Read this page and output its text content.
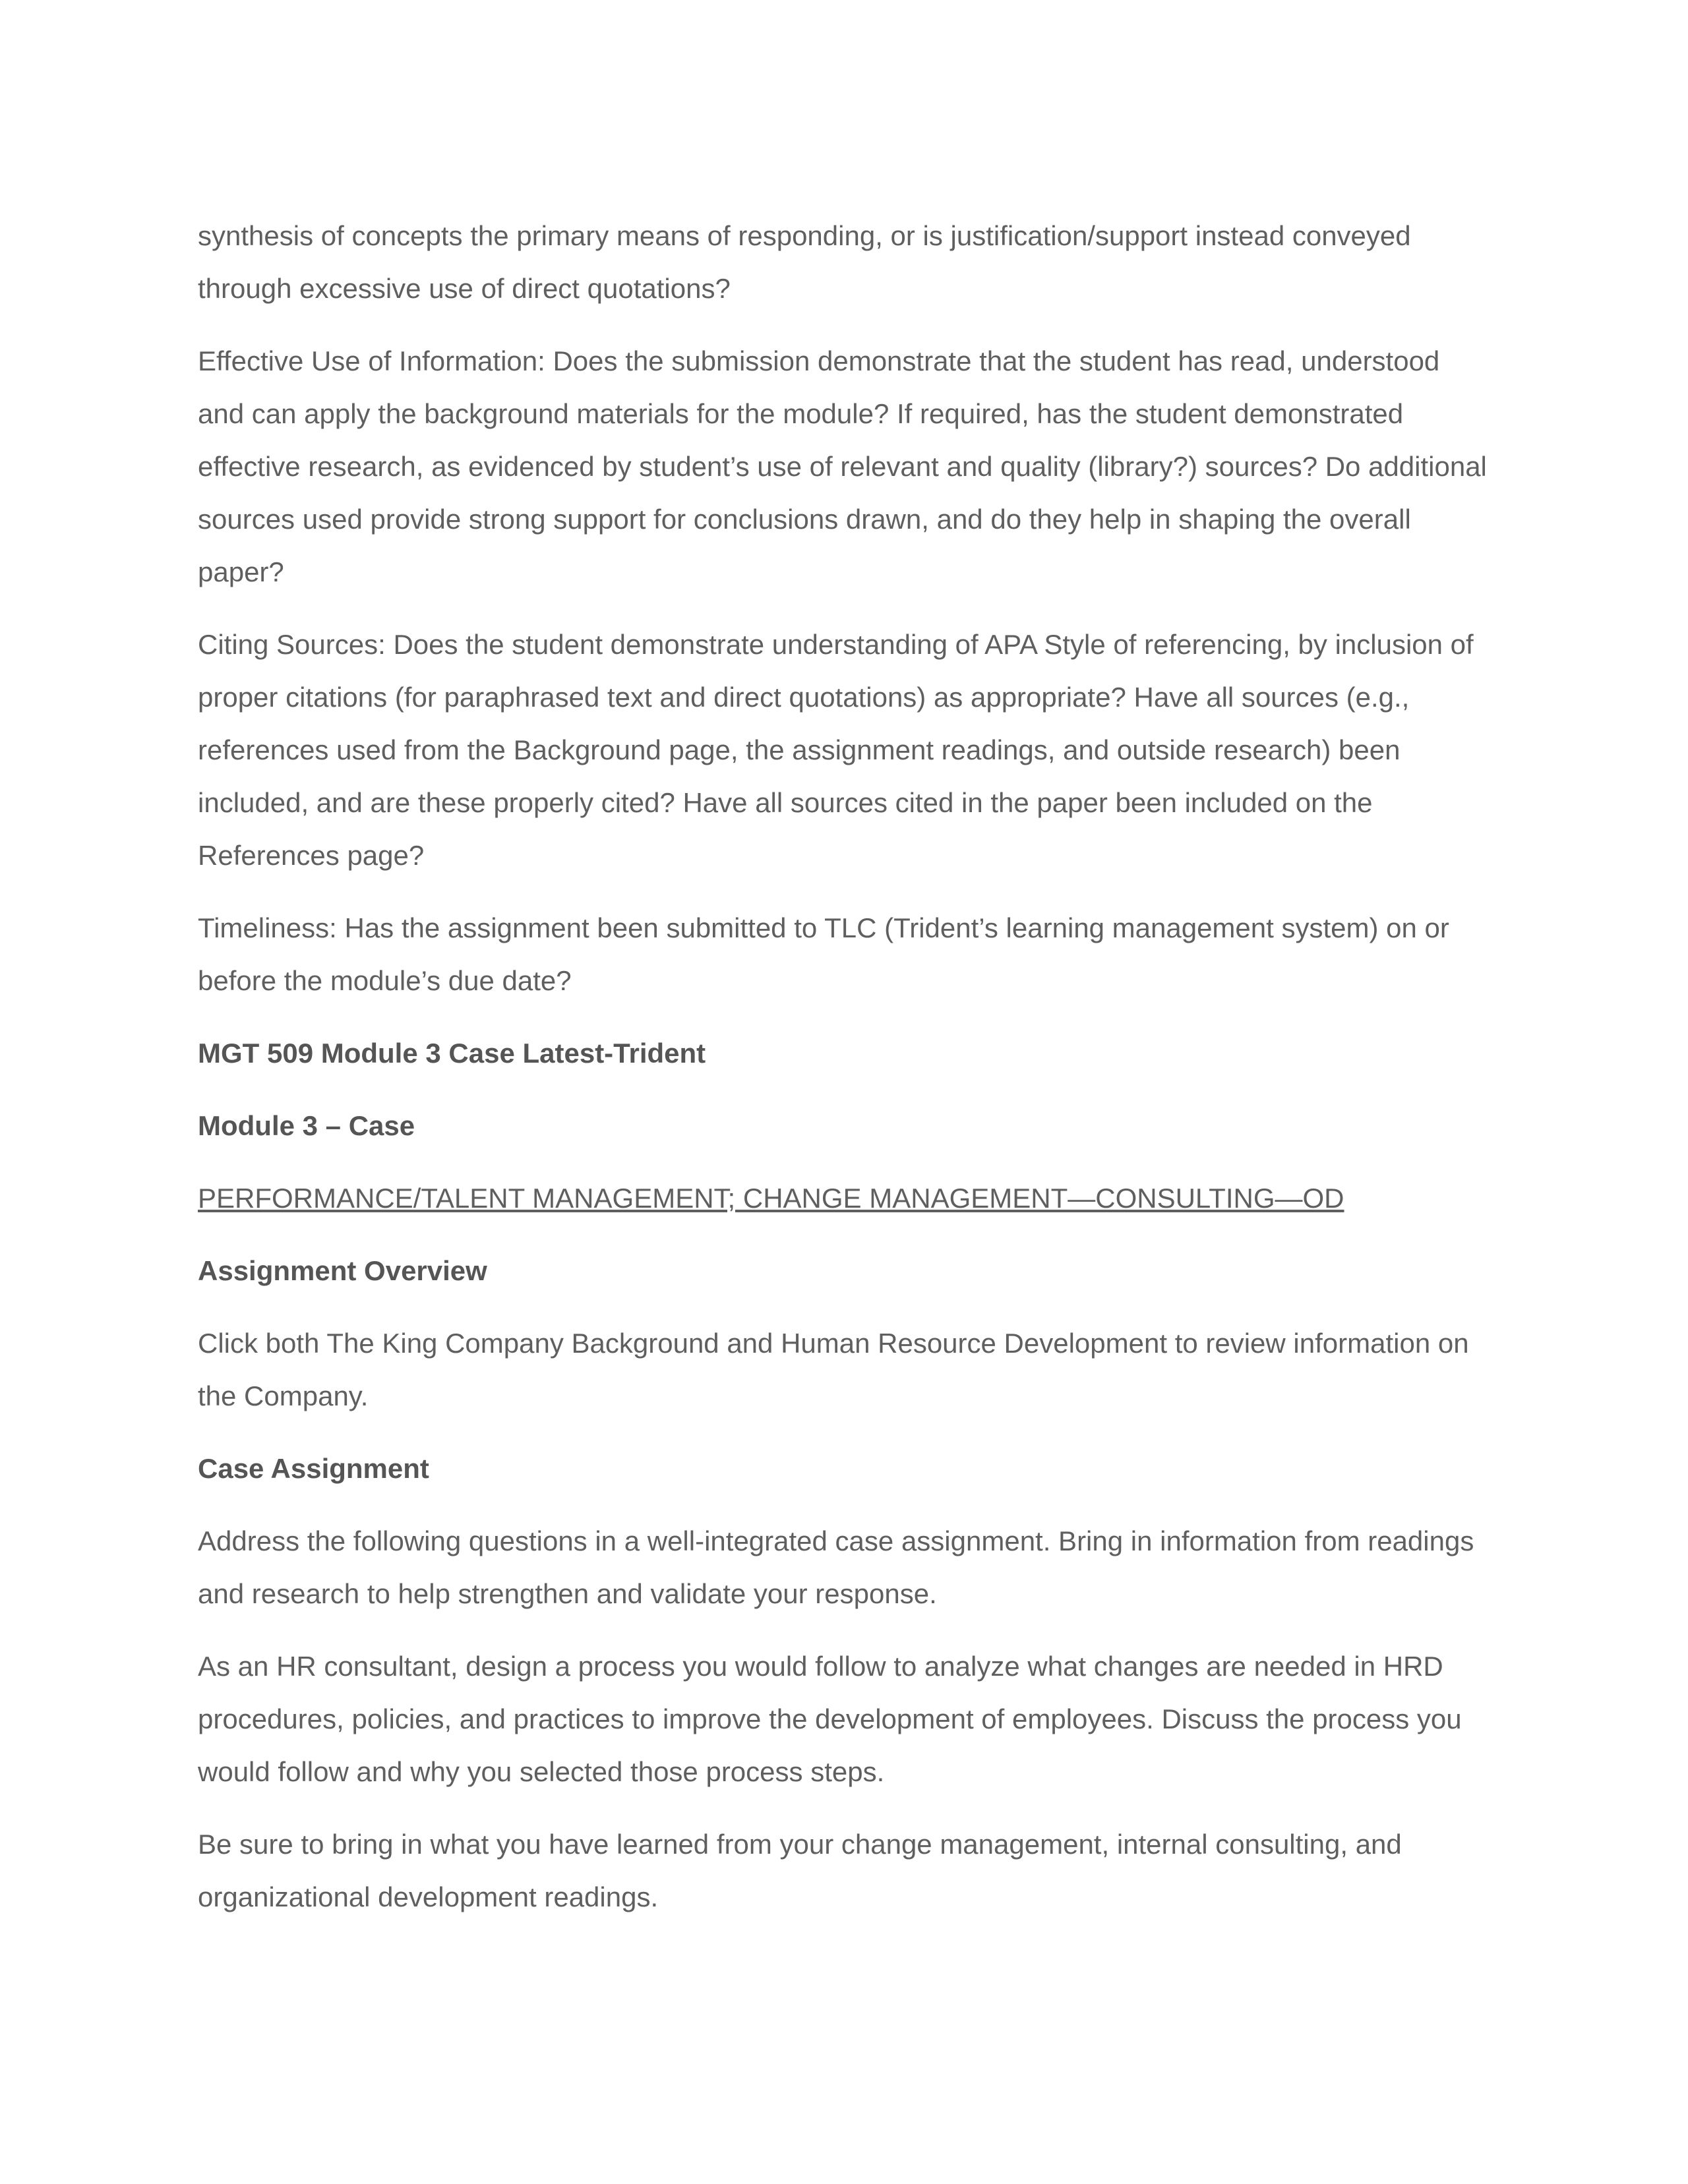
synthesis of concepts the primary means of responding, or is justification/support instead conveyed through excessive use of direct quotations?

Effective Use of Information: Does the submission demonstrate that the student has read, understood and can apply the background materials for the module? If required, has the student demonstrated effective research, as evidenced by student’s use of relevant and quality (library?) sources? Do additional sources used provide strong support for conclusions drawn, and do they help in shaping the overall paper?

Citing Sources: Does the student demonstrate understanding of APA Style of referencing, by inclusion of proper citations (for paraphrased text and direct quotations) as appropriate? Have all sources (e.g., references used from the Background page, the assignment readings, and outside research) been included, and are these properly cited? Have all sources cited in the paper been included on the References page?

Timeliness: Has the assignment been submitted to TLC (Trident’s learning management system) on or before the module’s due date?

MGT 509 Module 3 Case Latest-Trident

Module 3 – Case

PERFORMANCE/TALENT MANAGEMENT; CHANGE MANAGEMENT—CONSULTING—OD

Assignment Overview

Click both The King Company Background and Human Resource Development to review information on the Company.

Case Assignment

Address the following questions in a well-integrated case assignment. Bring in information from readings and research to help strengthen and validate your response.

As an HR consultant, design a process you would follow to analyze what changes are needed in HRD procedures, policies, and practices to improve the development of employees. Discuss the process you would follow and why you selected those process steps.

Be sure to bring in what you have learned from your change management, internal consulting, and organizational development readings.
